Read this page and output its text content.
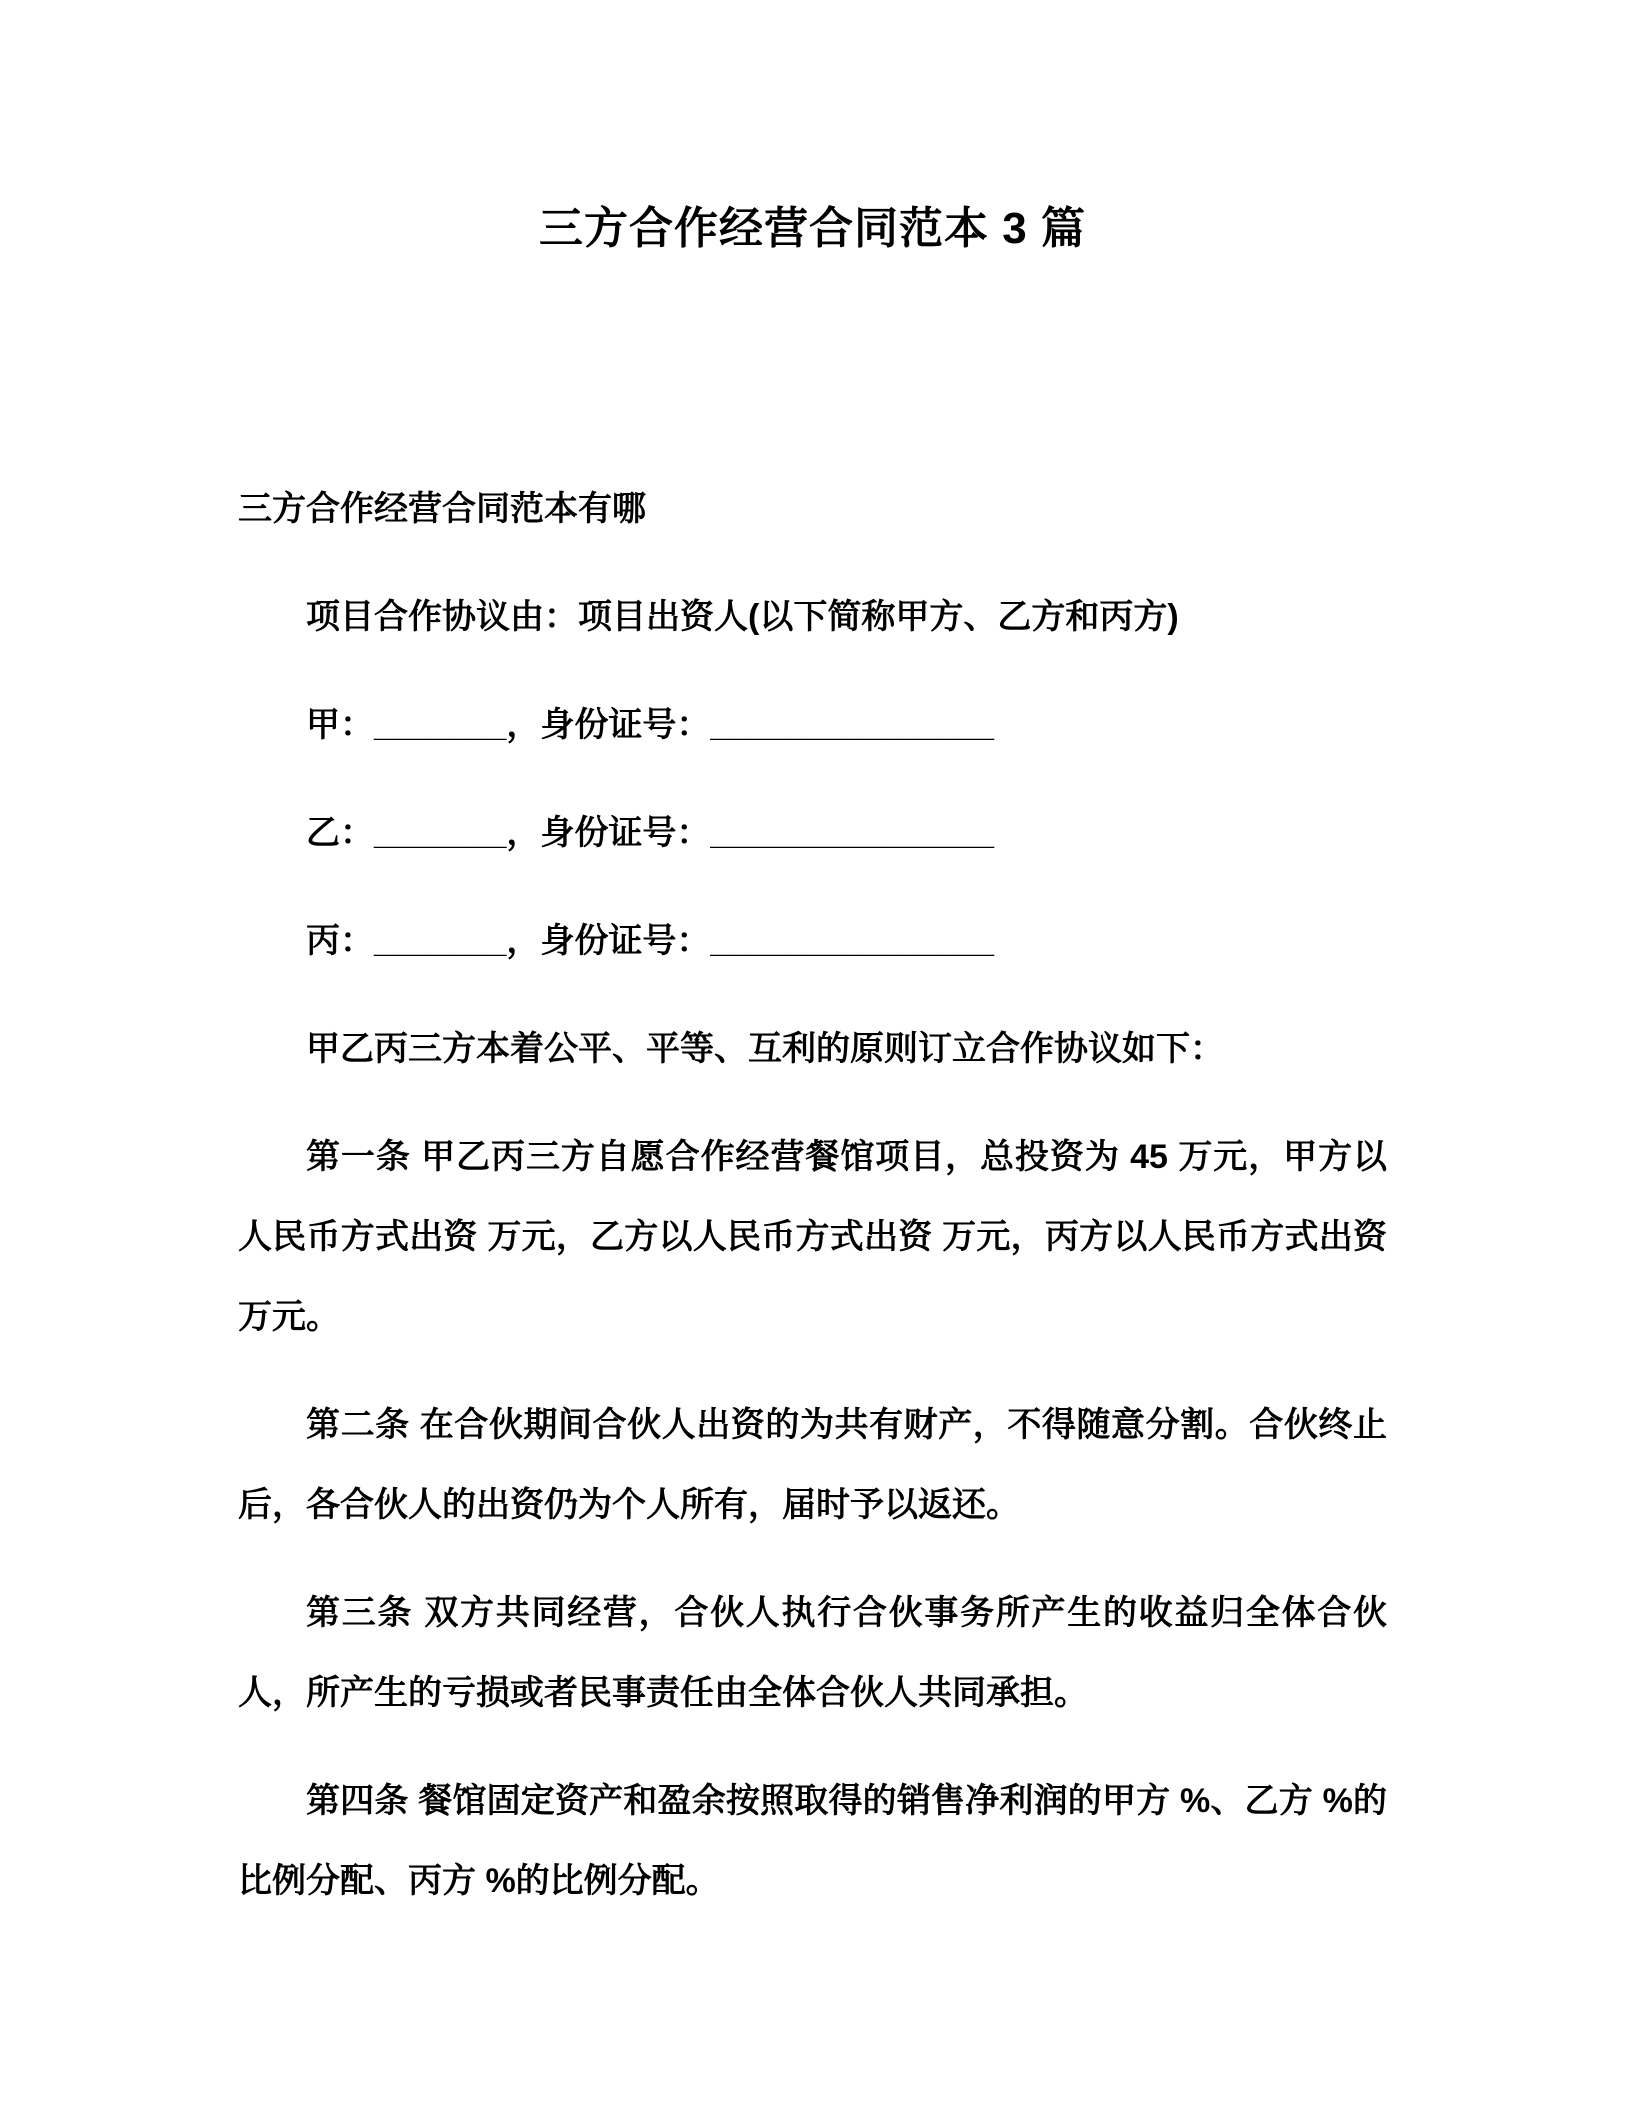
三方合作经营合同范本 3 篇

三方合作经营合同范本有哪

项目合作协议由：项目出资人(以下简称甲方、乙方和丙方)

甲：_______，身份证号：_______________

乙：_______，身份证号：_______________

丙：_______，身份证号：_______________

甲乙丙三方本着公平、平等、互利的原则订立合作协议如下：

第一条 甲乙丙三方自愿合作经营餐馆项目，总投资为 45 万元，甲方以人民币方式出资 万元，乙方以人民币方式出资 万元，丙方以人民币方式出资 万元。

第二条 在合伙期间合伙人出资的为共有财产，不得随意分割。合伙终止后，各合伙人的出资仍为个人所有，届时予以返还。

第三条 双方共同经营，合伙人执行合伙事务所产生的收益归全体合伙人，所产生的亏损或者民事责任由全体合伙人共同承担。

第四条 餐馆固定资产和盈余按照取得的销售净利润的甲方 %、乙方 %的比例分配、丙方 %的比例分配。
